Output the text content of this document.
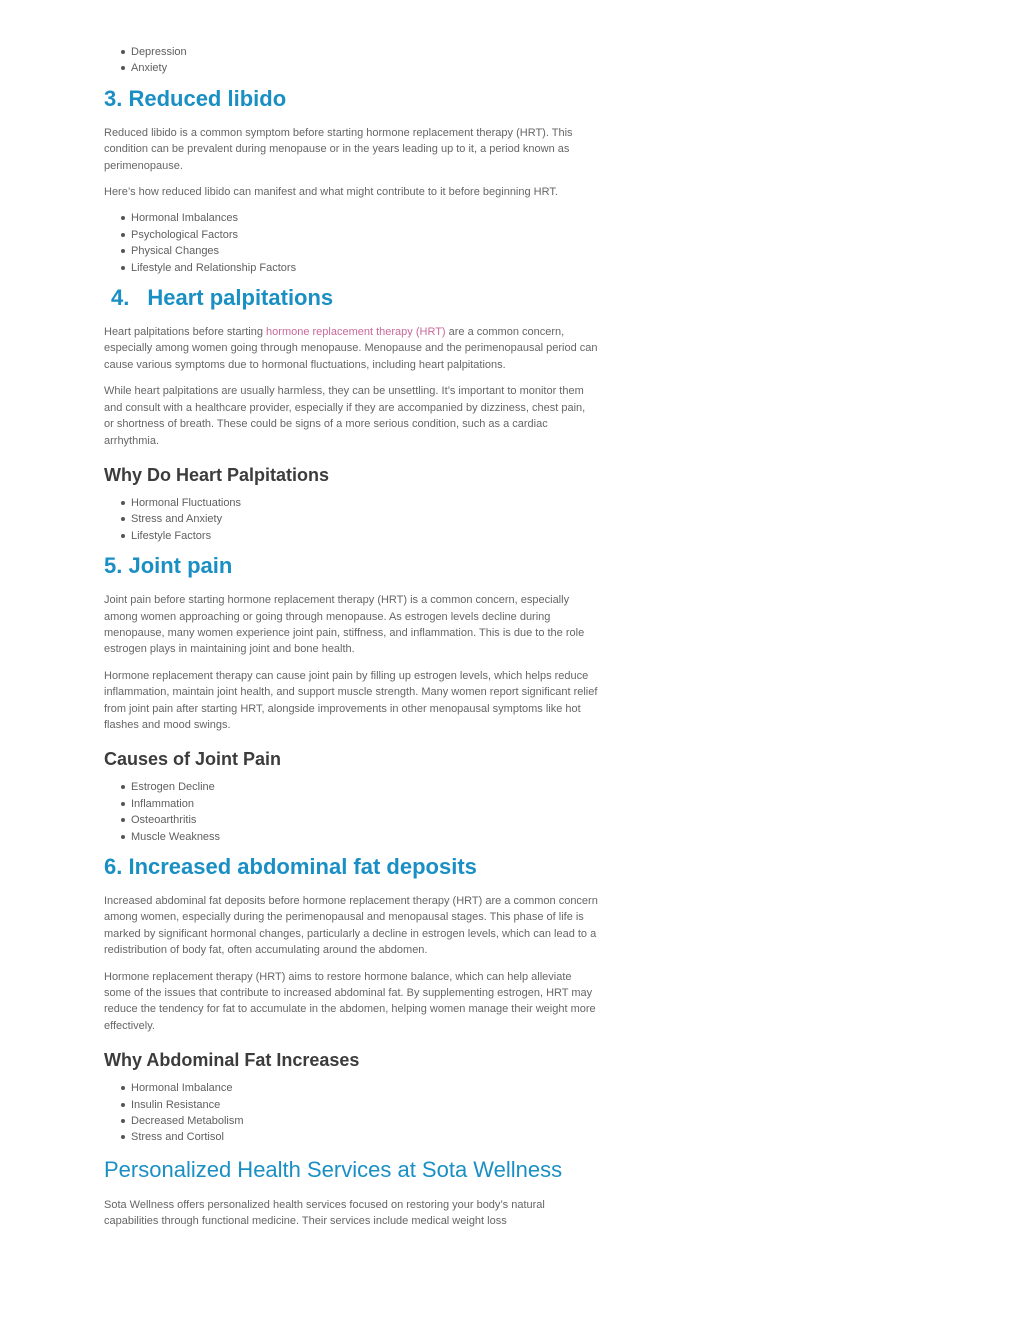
Depression
Anxiety
3. Reduced libido

Reduced libido is a common symptom before starting hormone replacement therapy (HRT). This condition can be prevalent during menopause or in the years leading up to it, a period known as perimenopause.

Here’s how reduced libido can manifest and what might contribute to it before beginning HRT.

Hormonal Imbalances
Psychological Factors
Physical Changes
Lifestyle and Relationship Factors
4. Heart palpitations

Heart palpitations before starting hormone replacement therapy (HRT) are a common concern, especially among women going through menopause. Menopause and the perimenopausal period can cause various symptoms due to hormonal fluctuations, including heart palpitations.

While heart palpitations are usually harmless, they can be unsettling. It’s important to monitor them and consult with a healthcare provider, especially if they are accompanied by dizziness, chest pain, or shortness of breath. These could be signs of a more serious condition, such as a cardiac arrhythmia.

Why Do Heart Palpitations
Hormonal Fluctuations
Stress and Anxiety
Lifestyle Factors
5. Joint pain

Joint pain before starting hormone replacement therapy (HRT) is a common concern, especially among women approaching or going through menopause. As estrogen levels decline during menopause, many women experience joint pain, stiffness, and inflammation. This is due to the role estrogen plays in maintaining joint and bone health.

Hormone replacement therapy can cause joint pain by filling up estrogen levels, which helps reduce inflammation, maintain joint health, and support muscle strength. Many women report significant relief from joint pain after starting HRT, alongside improvements in other menopausal symptoms like hot flashes and mood swings.

Causes of Joint Pain
Estrogen Decline
Inflammation
Osteoarthritis
Muscle Weakness
6. Increased abdominal fat deposits

Increased abdominal fat deposits before hormone replacement therapy (HRT) are a common concern among women, especially during the perimenopausal and menopausal stages. This phase of life is marked by significant hormonal changes, particularly a decline in estrogen levels, which can lead to a redistribution of body fat, often accumulating around the abdomen.

Hormone replacement therapy (HRT) aims to restore hormone balance, which can help alleviate some of the issues that contribute to increased abdominal fat. By supplementing estrogen, HRT may reduce the tendency for fat to accumulate in the abdomen, helping women manage their weight more effectively.

Why Abdominal Fat Increases
Hormonal Imbalance
Insulin Resistance
Decreased Metabolism
Stress and Cortisol
Personalized Health Services at Sota Wellness

Sota Wellness offers personalized health services focused on restoring your body’s natural capabilities through functional medicine. Their services include medical weight loss
